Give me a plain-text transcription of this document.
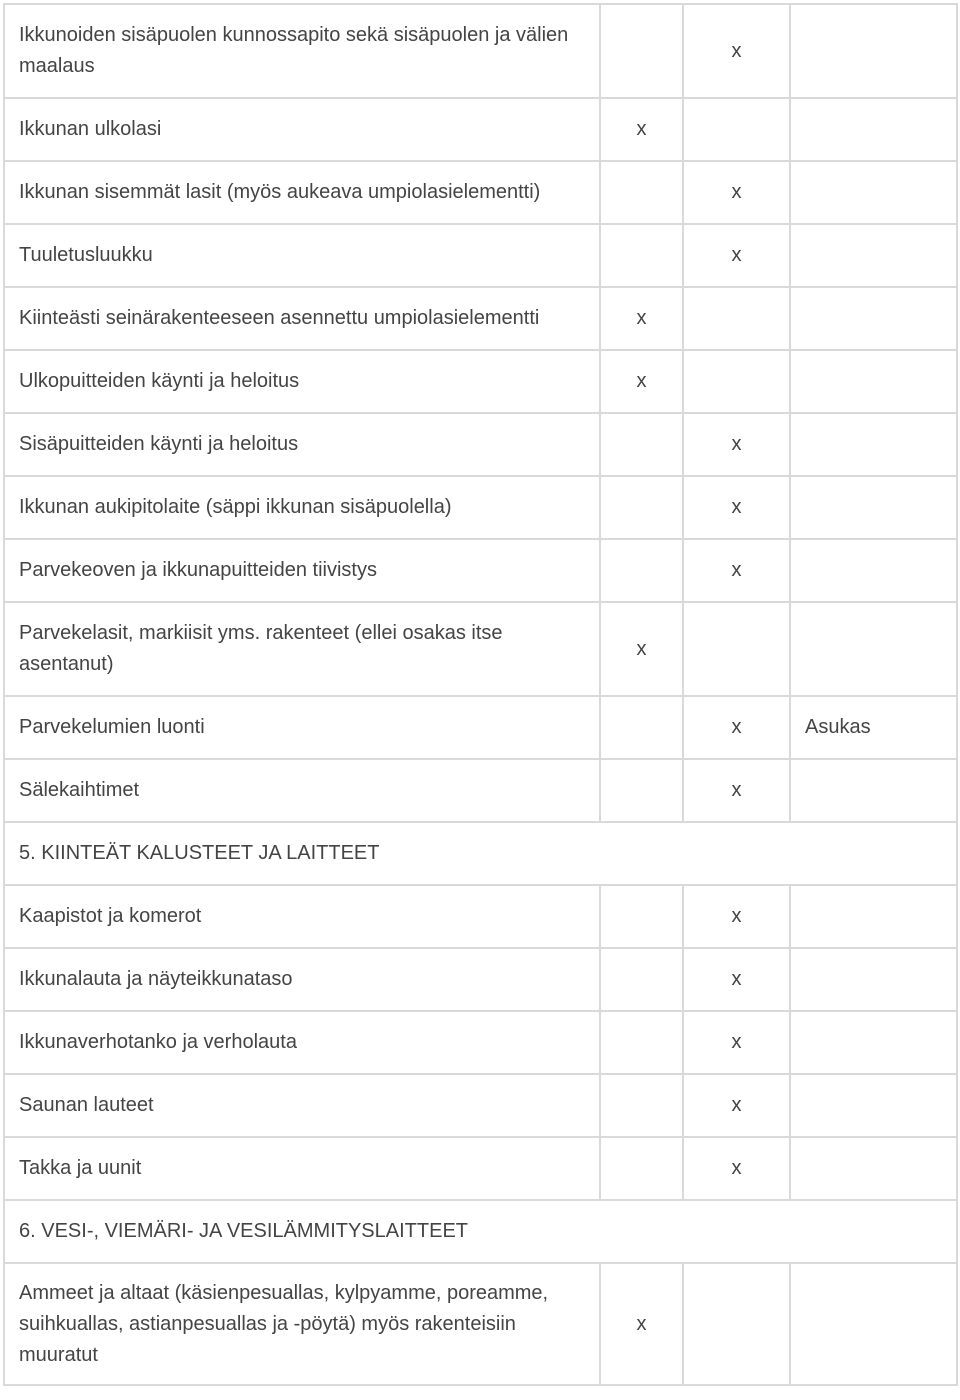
Ikkunoiden sisäpuolen kunnossapito sekä sisäpuolen ja välien maalaus		x	
Ikkunan ulkolasi	x		
Ikkunan sisemmät lasit (myös aukeava umpiolasielementti)		x	
Tuuletusluukku		x	
Kiinteästi seinärakenteeseen asennettu umpiolasielementti	x		
Ulkopuitteiden käynti ja heloitus	x		
Sisäpuitteiden käynti ja heloitus		x	
Ikkunan aukipitolaite (säppi ikkunan sisäpuolella)		x	
Parvekeoven ja ikkunapuitteiden tiivistys		x	
Parvekelasit, markiisit yms. rakenteet (ellei osakas itse asentanut)	x		
Parvekelumien luonti		x	Asukas
Sälekaihtimet		x	
5. KIINTEÄT KALUSTEET JA LAITTEET			
Kaapistot ja komerot		x	
Ikkunalauta ja näyteikkunataso		x	
Ikkunaverhotanko ja verholauta		x	
Saunan lauteet		x	
Takka ja uunit		x	
6. VESI-, VIEMÄRI- JA VESILÄMMITYSLAITTEET			
Ammeet ja altaat (käsienpesuallas, kylpyamme, poreamme, suihkuallas, astianpesuallas ja -pöytä) myös rakenteisiin muuratut	x		
